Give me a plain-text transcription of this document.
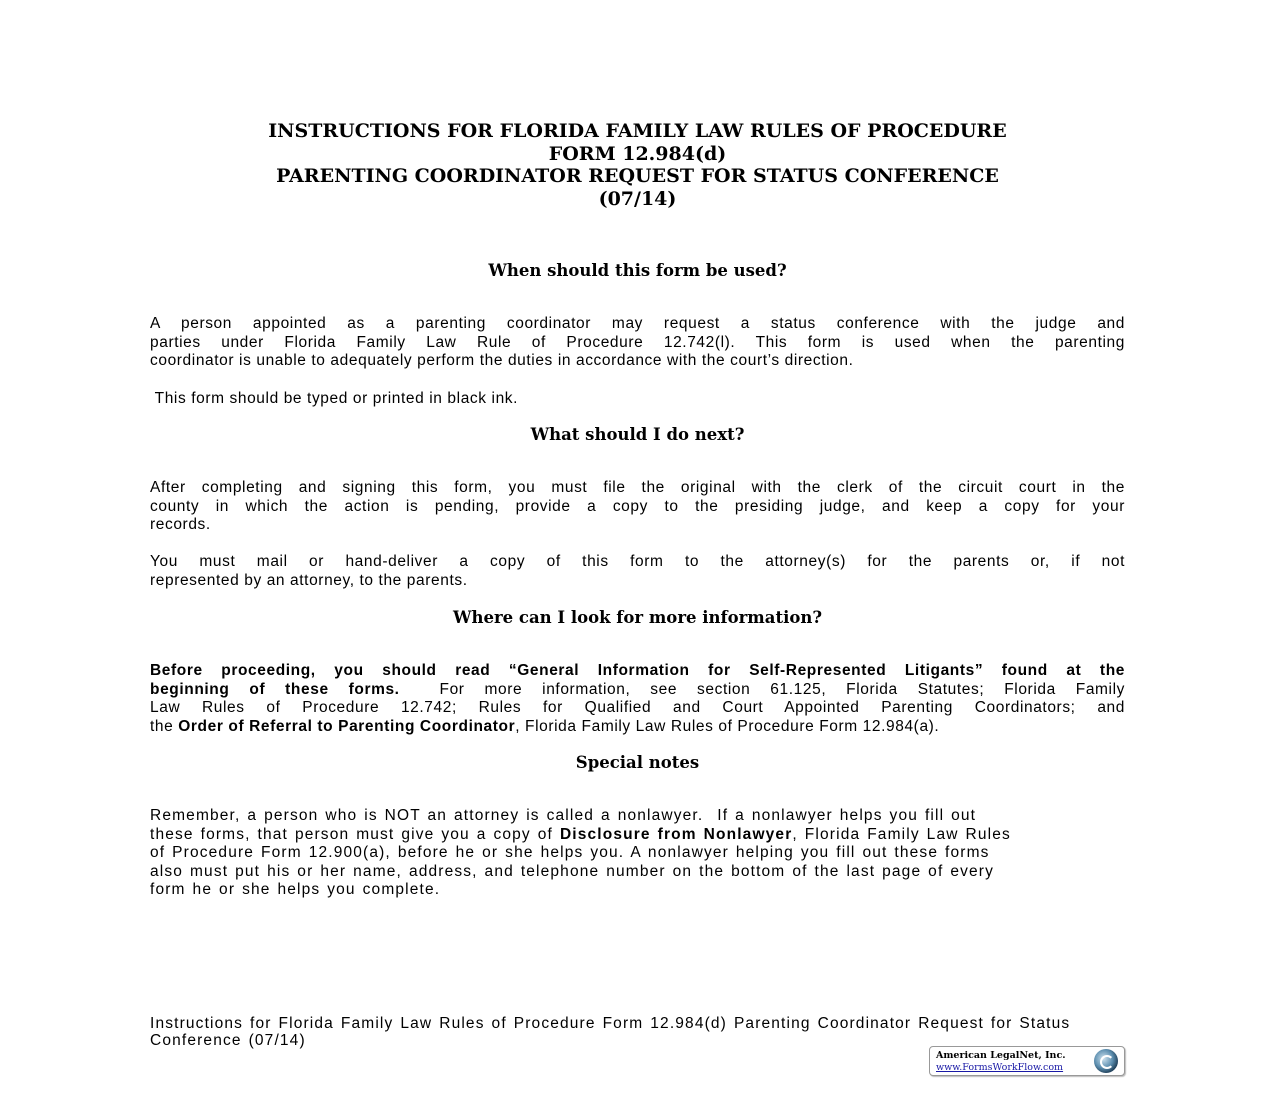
INSTRUCTIONS FOR FLORIDA FAMILY LAW RULES OF PROCEDURE
FORM 12.984(d)
PARENTING COORDINATOR REQUEST FOR STATUS CONFERENCE
(07/14)
When should this form be used?
A person appointed as a parenting coordinator may request a status conference with the judge and
parties under Florida Family Law Rule of Procedure 12.742(l). This form is used when the parenting
coordinator is unable to adequately perform the duties in accordance with the court’s direction.
This form should be typed or printed in black ink.
What should I do next?
After completing and signing this form, you must file the original with the clerk of the circuit court in the
county in which the action is pending, provide a copy to the presiding judge, and keep a copy for your
records.
You must mail or hand-deliver a copy of this form to the attorney(s) for the parents or, if not
represented by an attorney, to the parents.
Where can I look for more information?
Before proceeding, you should read “General Information for Self-Represented Litigants” found at the
beginning of these forms.  For more information, see section 61.125, Florida Statutes; Florida Family
Law Rules of Procedure 12.742; Rules for Qualified and Court Appointed Parenting Coordinators; and
the Order of Referral to Parenting Coordinator, Florida Family Law Rules of Procedure Form 12.984(a).
Special notes
Remember, a person who is NOT an attorney is called a nonlawyer.  If a nonlawyer helps you fill out
these forms, that person must give you a copy of Disclosure from Nonlawyer, Florida Family Law Rules
of Procedure Form 12.900(a), before he or she helps you. A nonlawyer helping you fill out these forms
also must put his or her name, address, and telephone number on the bottom of the last page of every
form he or she helps you complete.
Instructions for Florida Family Law Rules of Procedure Form 12.984(d) Parenting Coordinator Request for Status
Conference (07/14)
American LegalNet, Inc.
www.FormsWorkFlow.com
